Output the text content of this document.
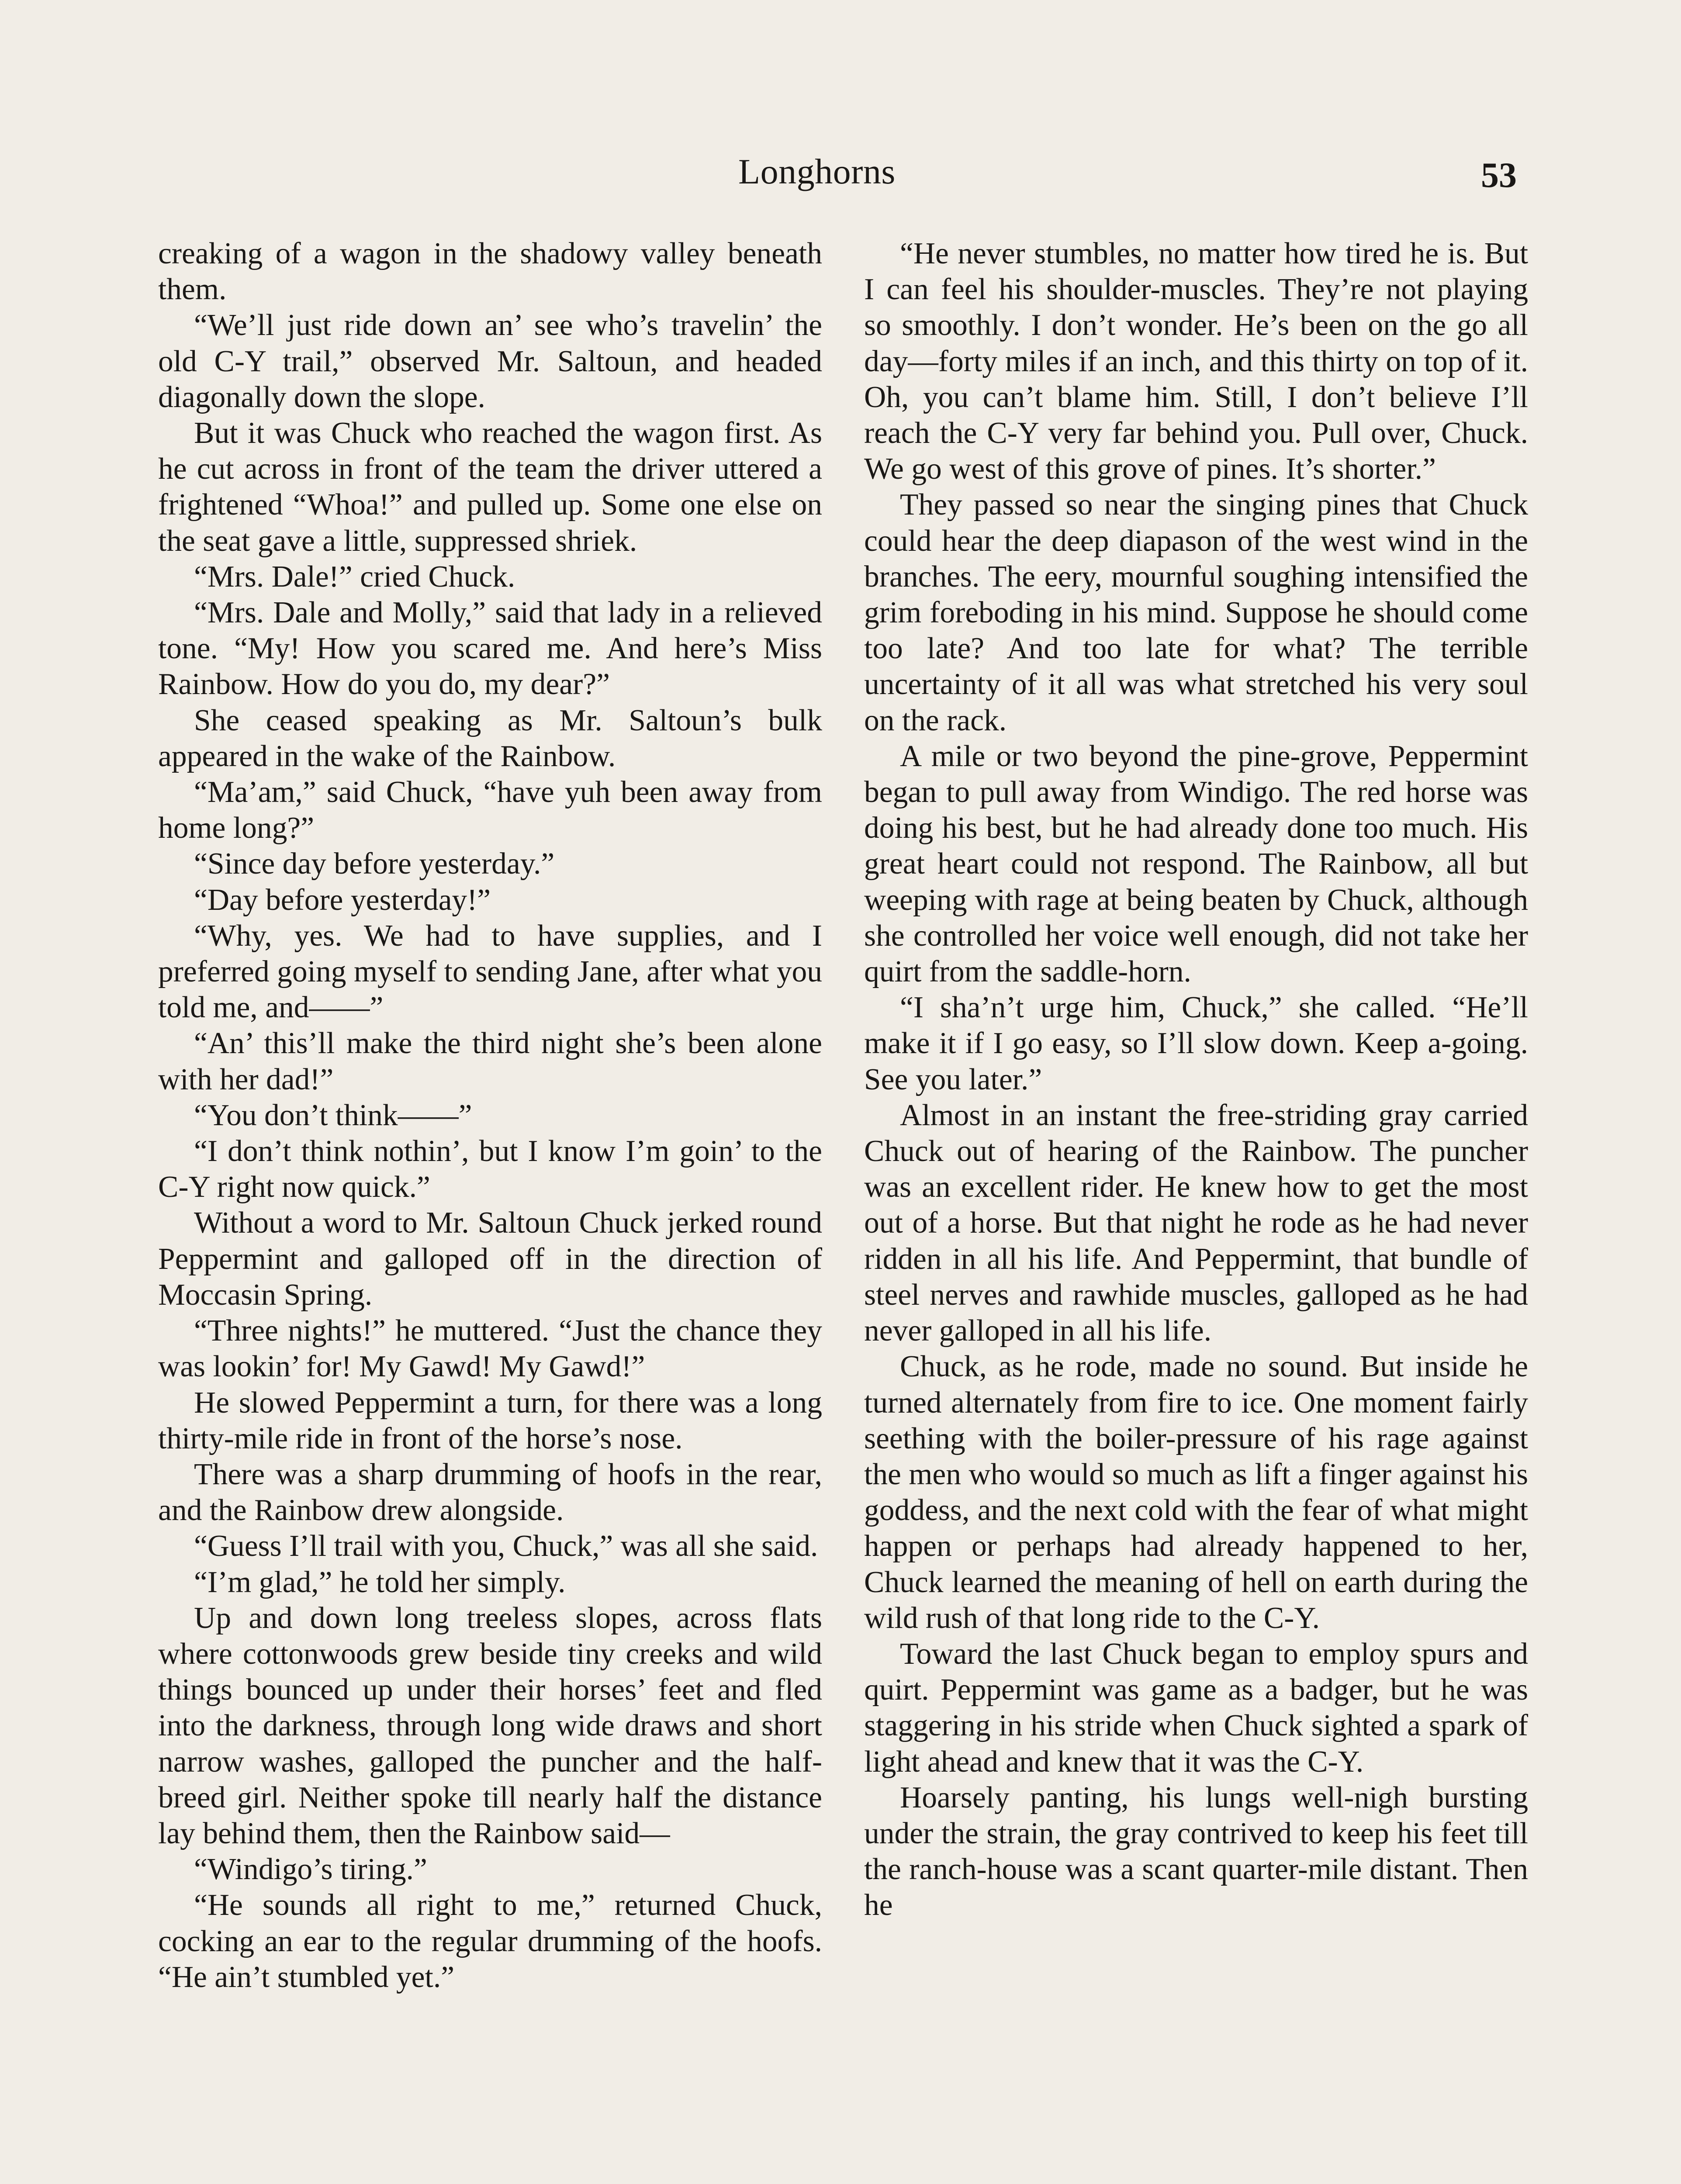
Longhorns	53

creaking of a wagon in the shadowy valley beneath them.

“We’ll just ride down an’ see who’s travelin’ the old C-Y trail,” observed Mr. Saltoun, and headed diagonally down the slope.

But it was Chuck who reached the wagon first. As he cut across in front of the team the driver uttered a frightened “Whoa!” and pulled up. Some one else on the seat gave a little, suppressed shriek.

“Mrs. Dale!” cried Chuck.

“Mrs. Dale and Molly,” said that lady in a relieved tone. “My! How you scared me. And here’s Miss Rainbow. How do you do, my dear?”

She ceased speaking as Mr. Saltoun’s bulk appeared in the wake of the Rainbow.

“Ma’am,” said Chuck, “have yuh been away from home long?”

“Since day before yesterday.”

“Day before yesterday!”

“Why, yes. We had to have supplies, and I preferred going myself to sending Jane, after what you told me, and——”

“An’ this’ll make the third night she’s been alone with her dad!”

“You don’t think——”

“I don’t think nothin’, but I know I’m goin’ to the C-Y right now quick.”

Without a word to Mr. Saltoun Chuck jerked round Peppermint and galloped off in the direction of Moccasin Spring.

“Three nights!” he muttered. “Just the chance they was lookin’ for! My Gawd! My Gawd!”

He slowed Peppermint a turn, for there was a long thirty-mile ride in front of the horse’s nose.

There was a sharp drumming of hoofs in the rear, and the Rainbow drew alongside.

“Guess I’ll trail with you, Chuck,” was all she said.

“I’m glad,” he told her simply.

Up and down long treeless slopes, across flats where cottonwoods grew beside tiny creeks and wild things bounced up under their horses’ feet and fled into the darkness, through long wide draws and short narrow washes, galloped the puncher and the half-breed girl. Neither spoke till nearly half the distance lay behind them, then the Rainbow said—

“Windigo’s tiring.”

“He sounds all right to me,” returned Chuck, cocking an ear to the regular drumming of the hoofs. “He ain’t stumbled yet.”

“He never stumbles, no matter how tired he is. But I can feel his shoulder-muscles. They’re not playing so smoothly. I don’t wonder. He’s been on the go all day—forty miles if an inch, and this thirty on top of it. Oh, you can’t blame him. Still, I don’t believe I’ll reach the C-Y very far behind you. Pull over, Chuck. We go west of this grove of pines. It’s shorter.”

They passed so near the singing pines that Chuck could hear the deep diapason of the west wind in the branches. The eery, mournful soughing intensified the grim foreboding in his mind. Suppose he should come too late? And too late for what? The terrible uncertainty of it all was what stretched his very soul on the rack.

A mile or two beyond the pine-grove, Peppermint began to pull away from Windigo. The red horse was doing his best, but he had already done too much. His great heart could not respond. The Rainbow, all but weeping with rage at being beaten by Chuck, although she controlled her voice well enough, did not take her quirt from the saddle-horn.

“I sha’n’t urge him, Chuck,” she called. “He’ll make it if I go easy, so I’ll slow down. Keep a-going. See you later.”

Almost in an instant the free-striding gray carried Chuck out of hearing of the Rainbow. The puncher was an excellent rider. He knew how to get the most out of a horse. But that night he rode as he had never ridden in all his life. And Peppermint, that bundle of steel nerves and rawhide muscles, galloped as he had never galloped in all his life.

Chuck, as he rode, made no sound. But inside he turned alternately from fire to ice. One moment fairly seething with the boiler-pressure of his rage against the men who would so much as lift a finger against his goddess, and the next cold with the fear of what might happen or perhaps had already happened to her, Chuck learned the meaning of hell on earth during the wild rush of that long ride to the C-Y.

Toward the last Chuck began to employ spurs and quirt. Peppermint was game as a badger, but he was staggering in his stride when Chuck sighted a spark of light ahead and knew that it was the C-Y.

Hoarsely panting, his lungs well-nigh bursting under the strain, the gray contrived to keep his feet till the ranch-house was a scant quarter-mile distant. Then he
